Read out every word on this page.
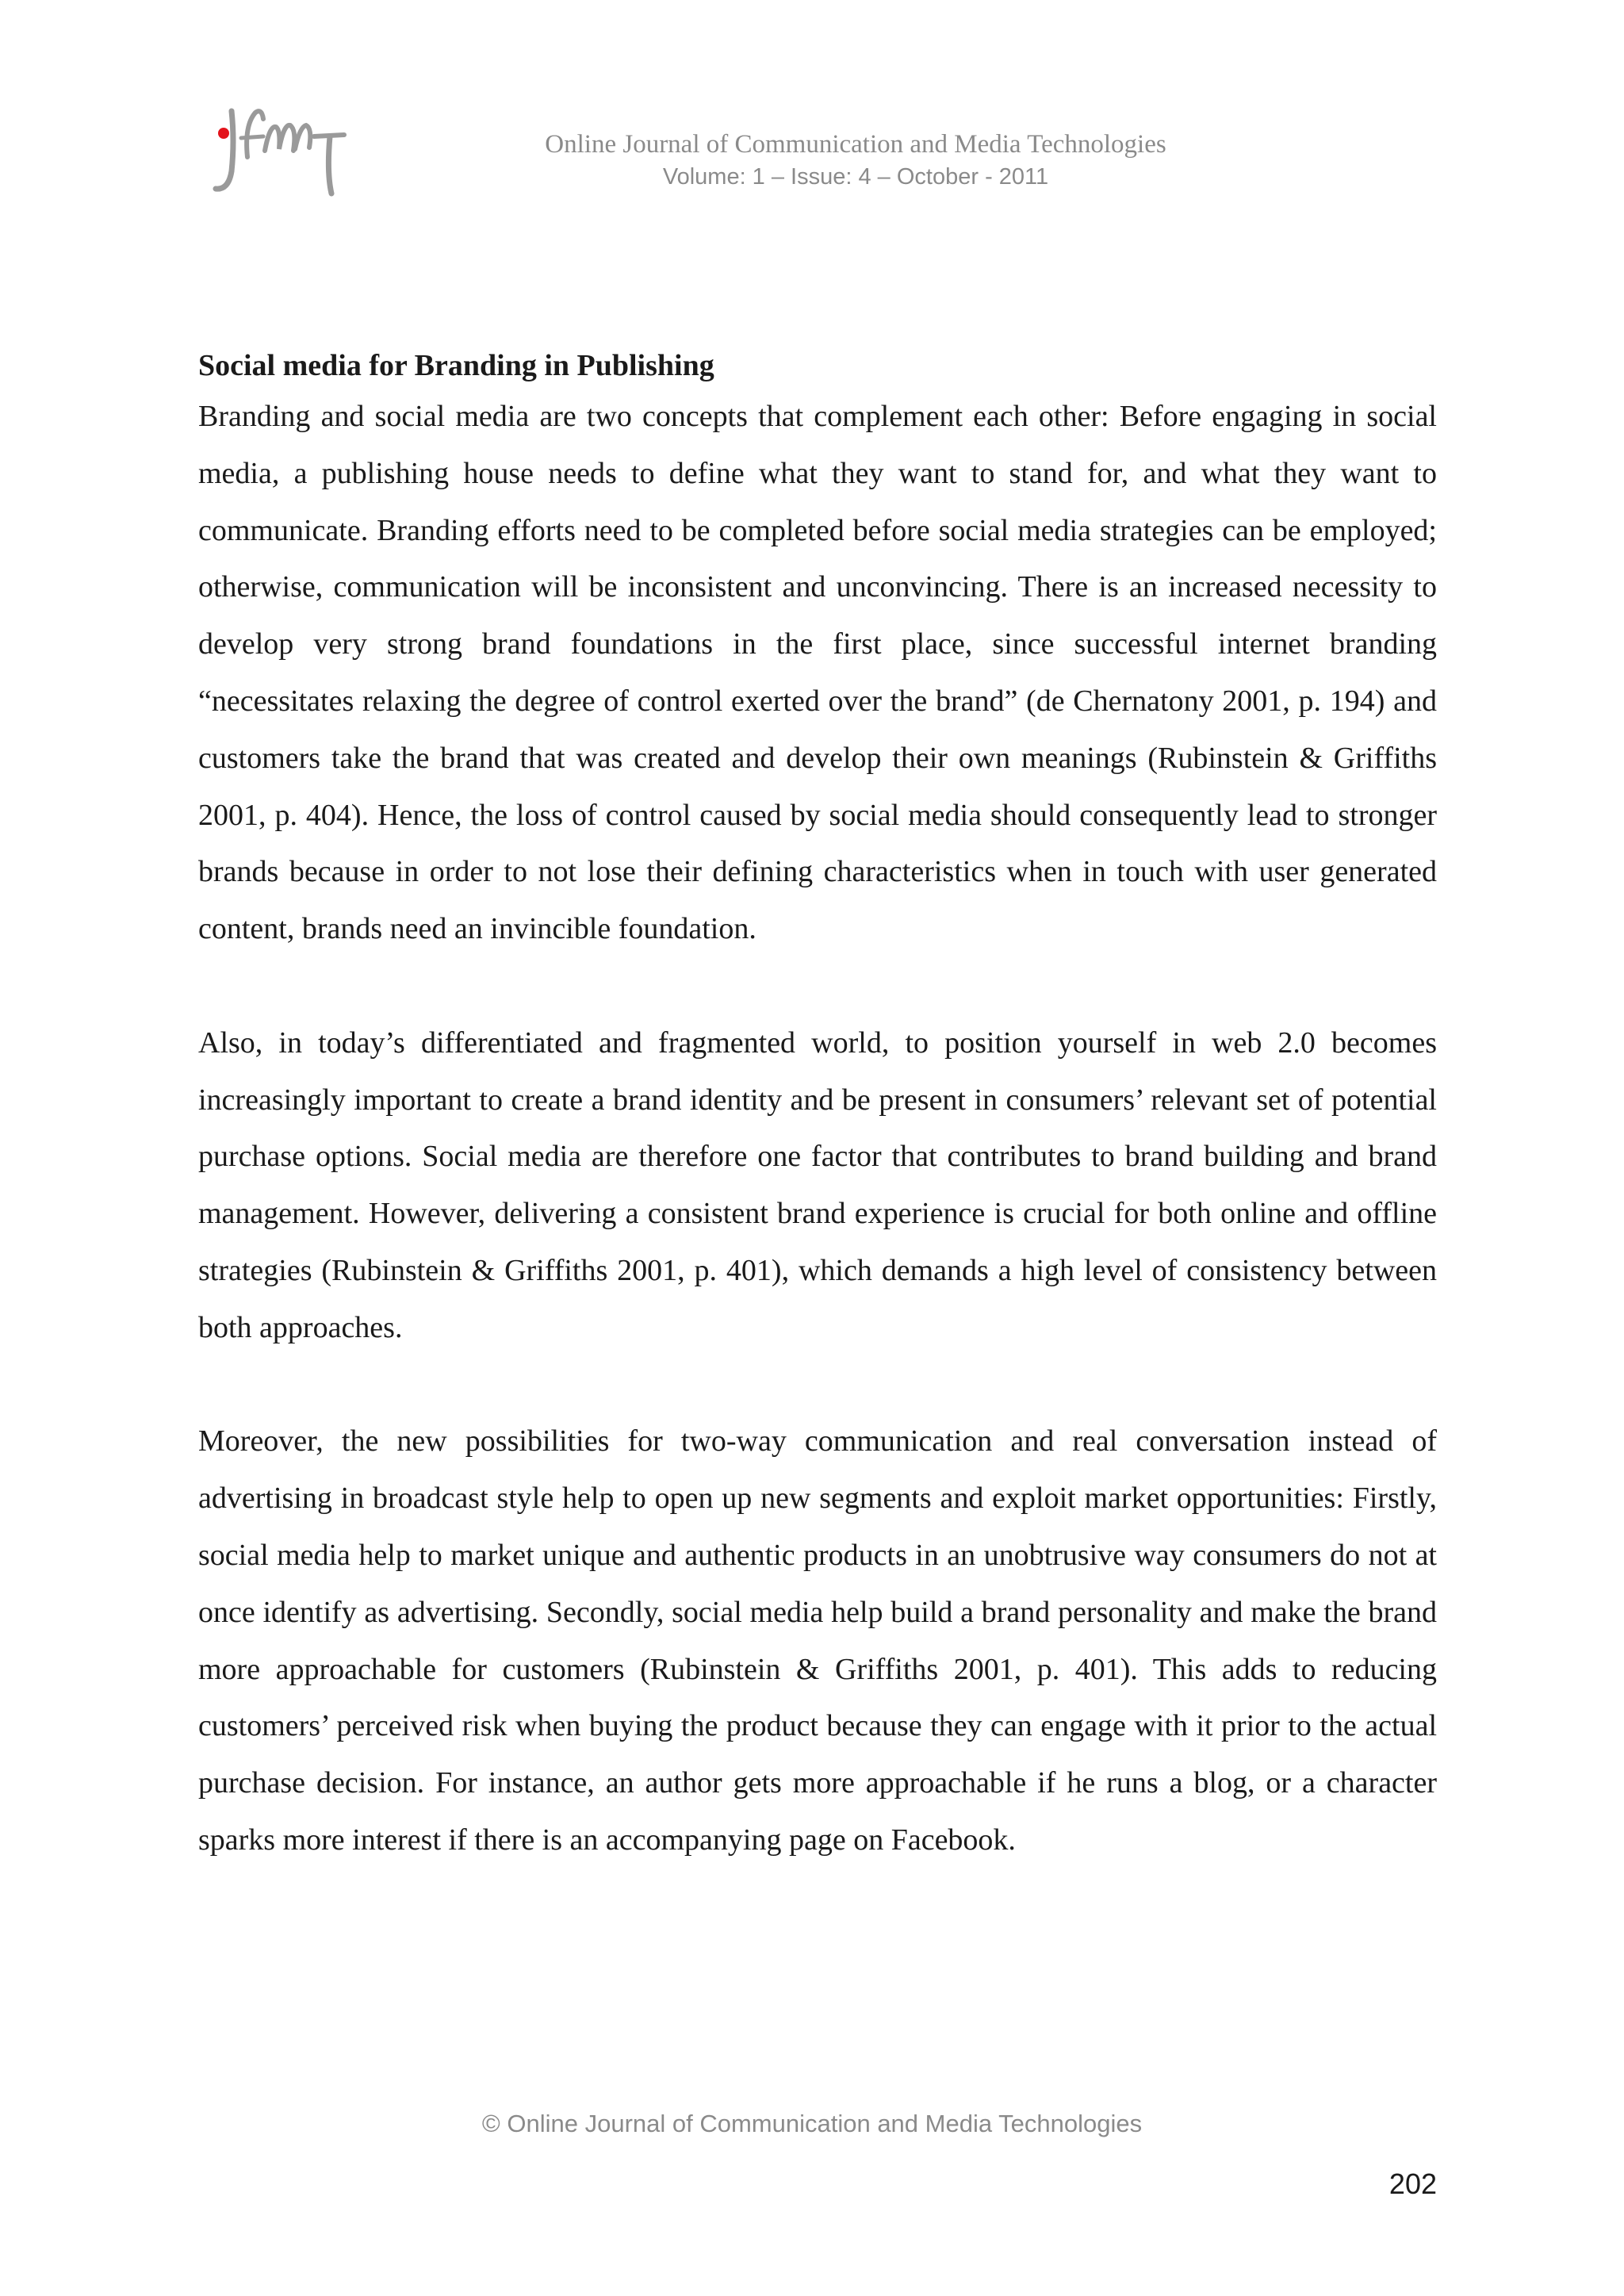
Online Journal of Communication and Media Technologies
Volume: 1 – Issue: 4 – October - 2011
Social media for Branding in Publishing

Branding and social media are two concepts that complement each other: Before engaging in social media, a publishing house needs to define what they want to stand for, and what they want to communicate. Branding efforts need to be completed before social media strategies can be employed; otherwise, communication will be inconsistent and unconvincing. There is an increased necessity to develop very strong brand foundations in the first place, since successful internet branding “necessitates relaxing the degree of control exerted over the brand” (de Chernatony 2001, p. 194) and customers take the brand that was created and develop their own meanings (Rubinstein & Griffiths 2001, p. 404). Hence, the loss of control caused by social media should consequently lead to stronger brands because in order to not lose their defining characteristics when in touch with user generated content, brands need an invincible foundation.

Also, in today’s differentiated and fragmented world, to position yourself in web 2.0 becomes increasingly important to create a brand identity and be present in consumers’ relevant set of potential purchase options. Social media are therefore one factor that contributes to brand building and brand management. However, delivering a consistent brand experience is crucial for both online and offline strategies (Rubinstein & Griffiths 2001, p. 401), which demands a high level of consistency between both approaches.

Moreover, the new possibilities for two-way communication and real conversation instead of advertising in broadcast style help to open up new segments and exploit market opportunities: Firstly, social media help to market unique and authentic products in an unobtrusive way consumers do not at once identify as advertising. Secondly, social media help build a brand personality and make the brand more approachable for customers (Rubinstein & Griffiths 2001, p. 401). This adds to reducing customers’ perceived risk when buying the product because they can engage with it prior to the actual purchase decision. For instance, an author gets more approachable if he runs a blog, or a character sparks more interest if there is an accompanying page on Facebook.

© Online Journal of Communication and Media Technologies
202
